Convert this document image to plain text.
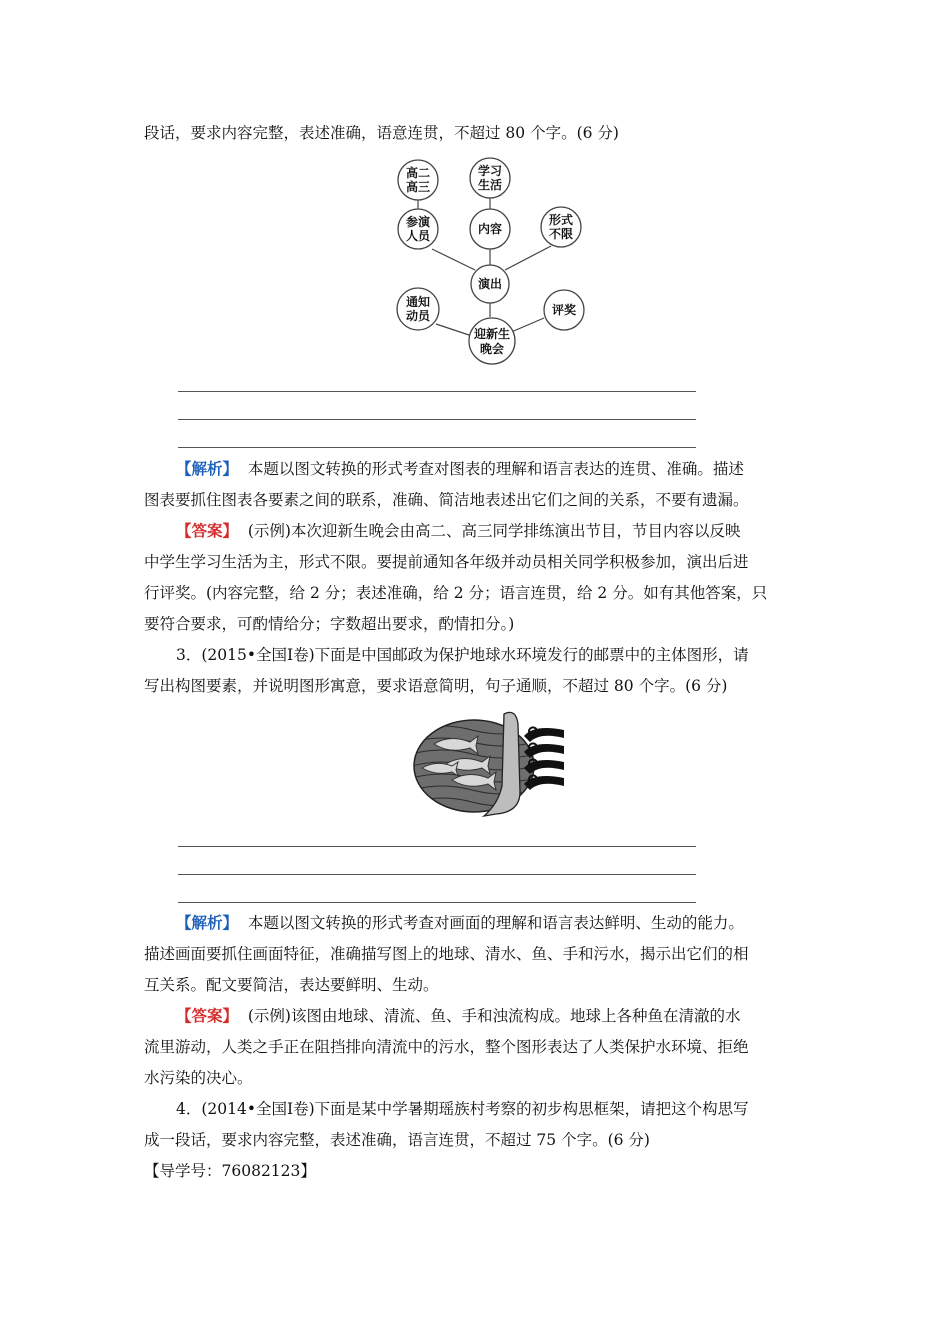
段话，要求内容完整，表述准确，语意连贯，不超过 80 个字。(6 分)
高二
高三
学习
生活
参演
人员	内容
形式
不限
演出
通知
动员	评奖
迎新生
晚会
【解析】 本题以图文转换的形式考查对图表的理解和语言表达的连贯、准确。描述
图表要抓住图表各要素之间的联系，准确、简洁地表述出它们之间的关系，不要有遗漏。
【答案】 (示例)本次迎新生晚会由高二、高三同学排练演出节目，节目内容以反映
中学生学习生活为主，形式不限。要提前通知各年级并动员相关同学积极参加，演出后进
行评奖。(内容完整，给 2 分；表述准确，给 2 分；语言连贯，给 2 分。如有其他答案，只
要符合要求，可酌情给分；字数超出要求，酌情扣分。)
3．(2015•全国Ⅰ卷)下面是中国邮政为保护地球水环境发行的邮票中的主体图形，请
写出构图要素，并说明图形寓意，要求语意简明，句子通顺，不超过 80 个字。(6 分)
【解析】 本题以图文转换的形式考查对画面的理解和语言表达鲜明、生动的能力。
描述画面要抓住画面特征，准确描写图上的地球、清水、鱼、手和污水，揭示出它们的相
互关系。配文要简洁，表达要鲜明、生动。
【答案】 (示例)该图由地球、清流、鱼、手和浊流构成。地球上各种鱼在清澈的水
流里游动，人类之手正在阻挡排向清流中的污水，整个图形表达了人类保护水环境、拒绝
水污染的决心。
4．(2014•全国Ⅰ卷)下面是某中学暑期瑶族村考察的初步构思框架，请把这个构思写
成一段话，要求内容完整，表述准确，语言连贯，不超过 75 个字。(6 分)
【导学号：76082123】
